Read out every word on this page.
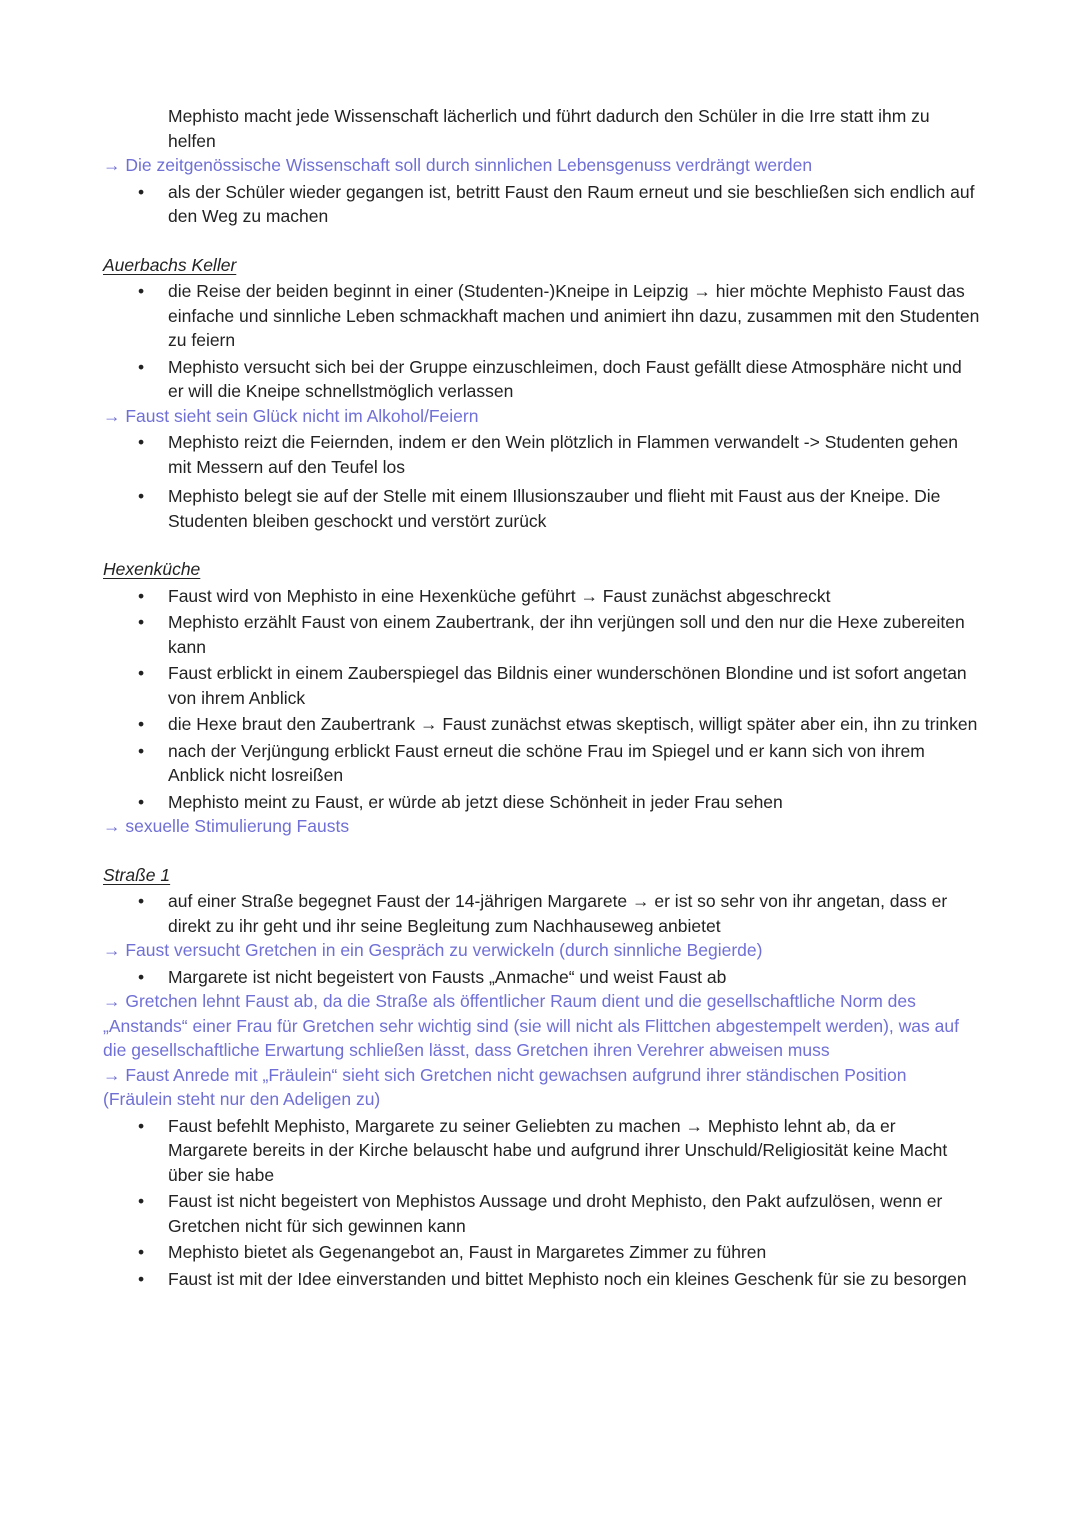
Mephisto macht jede Wissenschaft lächerlich und führt dadurch den Schüler in die Irre statt ihm zu helfen
→ Die zeitgenössische Wissenschaft soll durch sinnlichen Lebensgenuss verdrängt werden
• als der Schüler wieder gegangen ist, betritt Faust den Raum erneut und sie beschließen sich endlich auf den Weg zu machen
Auerbachs Keller
• die Reise der beiden beginnt in einer (Studenten-)Kneipe in Leipzig → hier möchte Mephisto Faust das einfache und sinnliche Leben schmackhaft machen und animiert ihn dazu, zusammen mit den Studenten zu feiern
• Mephisto versucht sich bei der Gruppe einzuschleimen, doch Faust gefällt diese Atmosphäre nicht und er will die Kneipe schnellstmöglich verlassen
→ Faust sieht sein Glück nicht im Alkohol/Feiern
• Mephisto reizt die Feiernden, indem er den Wein plötzlich in Flammen verwandelt -> Studenten gehen mit Messern auf den Teufel los
• Mephisto belegt sie auf der Stelle mit einem Illusionszauber und flieht mit Faust aus der Kneipe. Die Studenten bleiben geschockt und verstört zurück
Hexenküche
• Faust wird von Mephisto in eine Hexenküche geführt → Faust zunächst abgeschreckt
• Mephisto erzählt Faust von einem Zaubertrank, der ihn verjüngen soll und den nur die Hexe zubereiten kann
• Faust erblickt in einem Zauberspiegel das Bildnis einer wunderschönen Blondine und ist sofort angetan von ihrem Anblick
• die Hexe braut den Zaubertrank → Faust zunächst etwas skeptisch, willigt später aber ein, ihn zu trinken
• nach der Verjüngung erblickt Faust erneut die schöne Frau im Spiegel und er kann sich von ihrem Anblick nicht losreißen
• Mephisto meint zu Faust, er würde ab jetzt diese Schönheit in jeder Frau sehen
→ sexuelle Stimulierung Fausts
Straße 1
• auf einer Straße begegnet Faust der 14-jährigen Margarete → er ist so sehr von ihr angetan, dass er direkt zu ihr geht und ihr seine Begleitung zum Nachhauseweg anbietet
→ Faust versucht Gretchen in ein Gespräch zu verwickeln (durch sinnliche Begierde)
• Margarete ist nicht begeistert von Fausts „Anmache“ und weist Faust ab
→ Gretchen lehnt Faust ab, da die Straße als öffentlicher Raum dient und die gesellschaftliche Norm des „Anstands“ einer Frau für Gretchen sehr wichtig sind (sie will nicht als Flittchen abgestempelt werden), was auf die gesellschaftliche Erwartung schließen lässt, dass Gretchen ihren Verehrer abweisen muss
→ Faust Anrede mit „Fräulein“ sieht sich Gretchen nicht gewachsen aufgrund ihrer ständischen Position (Fräulein steht nur den Adeligen zu)
• Faust befehlt Mephisto, Margarete zu seiner Geliebten zu machen → Mephisto lehnt ab, da er Margarete bereits in der Kirche belauscht habe und aufgrund ihrer Unschuld/Religiosität keine Macht über sie habe
• Faust ist nicht begeistert von Mephistos Aussage und droht Mephisto, den Pakt aufzulösen, wenn er Gretchen nicht für sich gewinnen kann
• Mephisto bietet als Gegenangebot an, Faust in Margaretes Zimmer zu führen
• Faust ist mit der Idee einverstanden und bittet Mephisto noch ein kleines Geschenk für sie zu besorgen
